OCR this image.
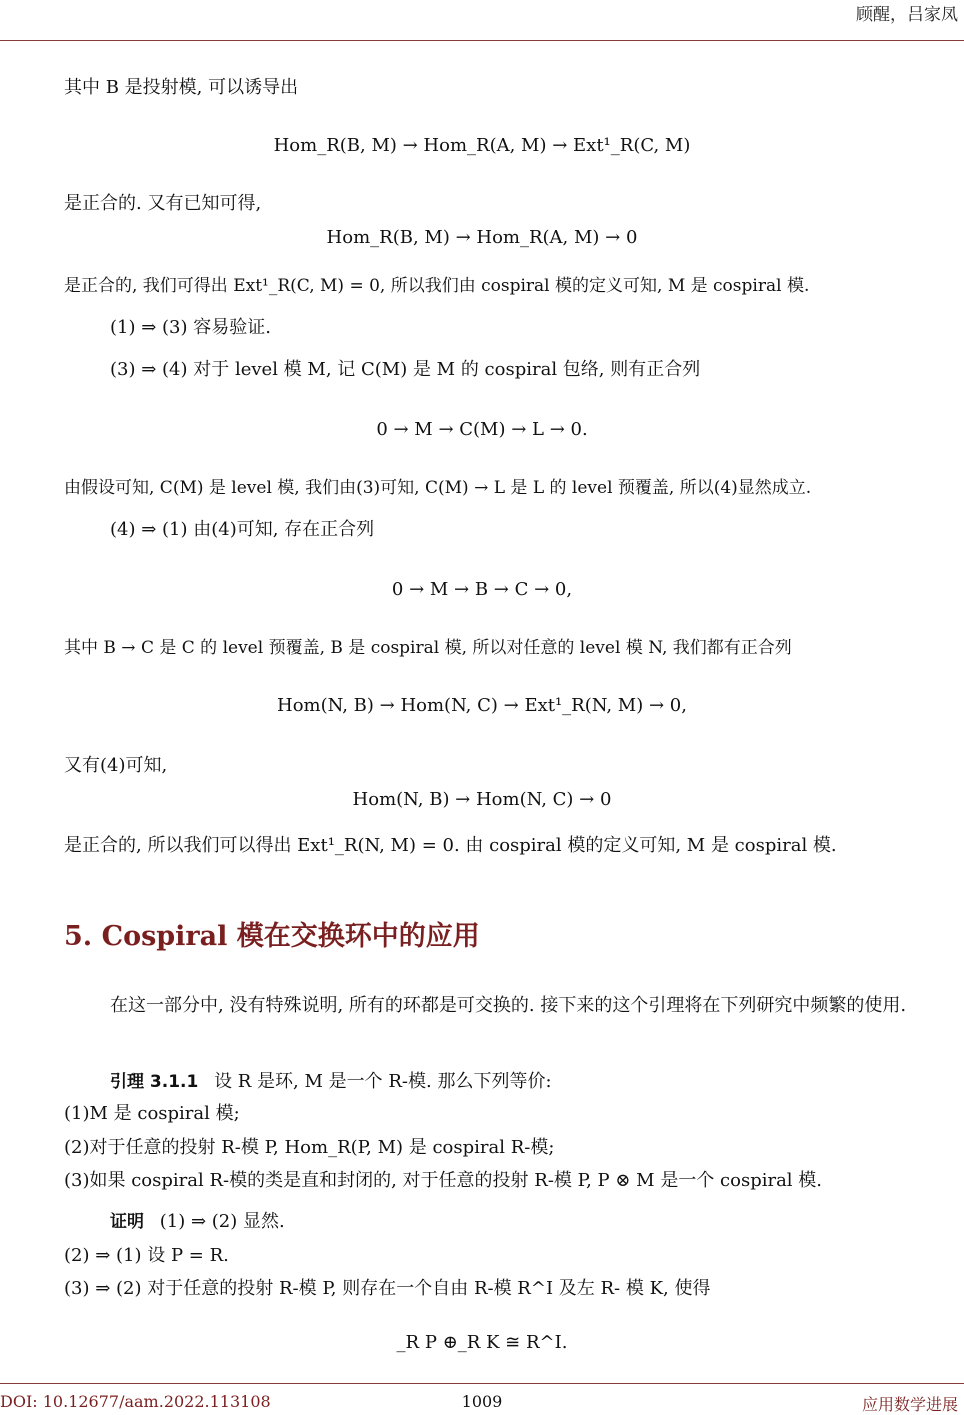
顾醒，吕家凤
其中 B 是投射模, 可以诱导出
Hom_R(B, M) → Hom_R(A, M) → Ext¹_R(C, M)
是正合的. 又有已知可得,
Hom_R(B, M) → Hom_R(A, M) → 0
是正合的, 我们可得出 Ext¹_R(C, M) = 0, 所以我们由 cospiral 模的定义可知, M 是 cospiral 模.
(1) ⇒ (3) 容易验证.
(3) ⇒ (4) 对于 level 模 M, 记 C(M) 是 M 的 cospiral 包络, 则有正合列
0 → M → C(M) → L → 0.
由假设可知, C(M) 是 level 模, 我们由(3)可知, C(M) → L 是 L 的 level 预覆盖, 所以(4)显然成立.
(4) ⇒ (1) 由(4)可知, 存在正合列
0 → M → B → C → 0,
其中 B → C 是 C 的 level 预覆盖, B 是 cospiral 模, 所以对任意的 level 模 N, 我们都有正合列
Hom(N, B) → Hom(N, C) → Ext¹_R(N, M) → 0,
又有(4)可知,
Hom(N, B) → Hom(N, C) → 0
是正合的, 所以我们可以得出 Ext¹_R(N, M) = 0. 由 cospiral 模的定义可知, M 是 cospiral 模.
5. Cospiral 模在交换环中的应用
在这一部分中, 没有特殊说明, 所有的环都是可交换的. 接下来的这个引理将在下列研究中频繁的使用.
引理 3.1.1 设 R 是环, M 是一个 R-模. 那么下列等价:
(1)M 是 cospiral 模;
(2)对于任意的投射 R-模 P, Hom_R(P, M) 是 cospiral R-模;
(3)如果 cospiral R-模的类是直和封闭的, 对于任意的投射 R-模 P, P ⊗ M 是一个 cospiral 模.
证明 (1) ⇒ (2) 显然.
(2) ⇒ (1) 设 P = R.
(3) ⇒ (2) 对于任意的投射 R-模 P, 则存在一个自由 R-模 R^I 及左 R- 模 K, 使得
_R P ⊕_R K ≅ R^I.
DOI: 10.12677/aam.2022.113108	1009	应用数学进展
